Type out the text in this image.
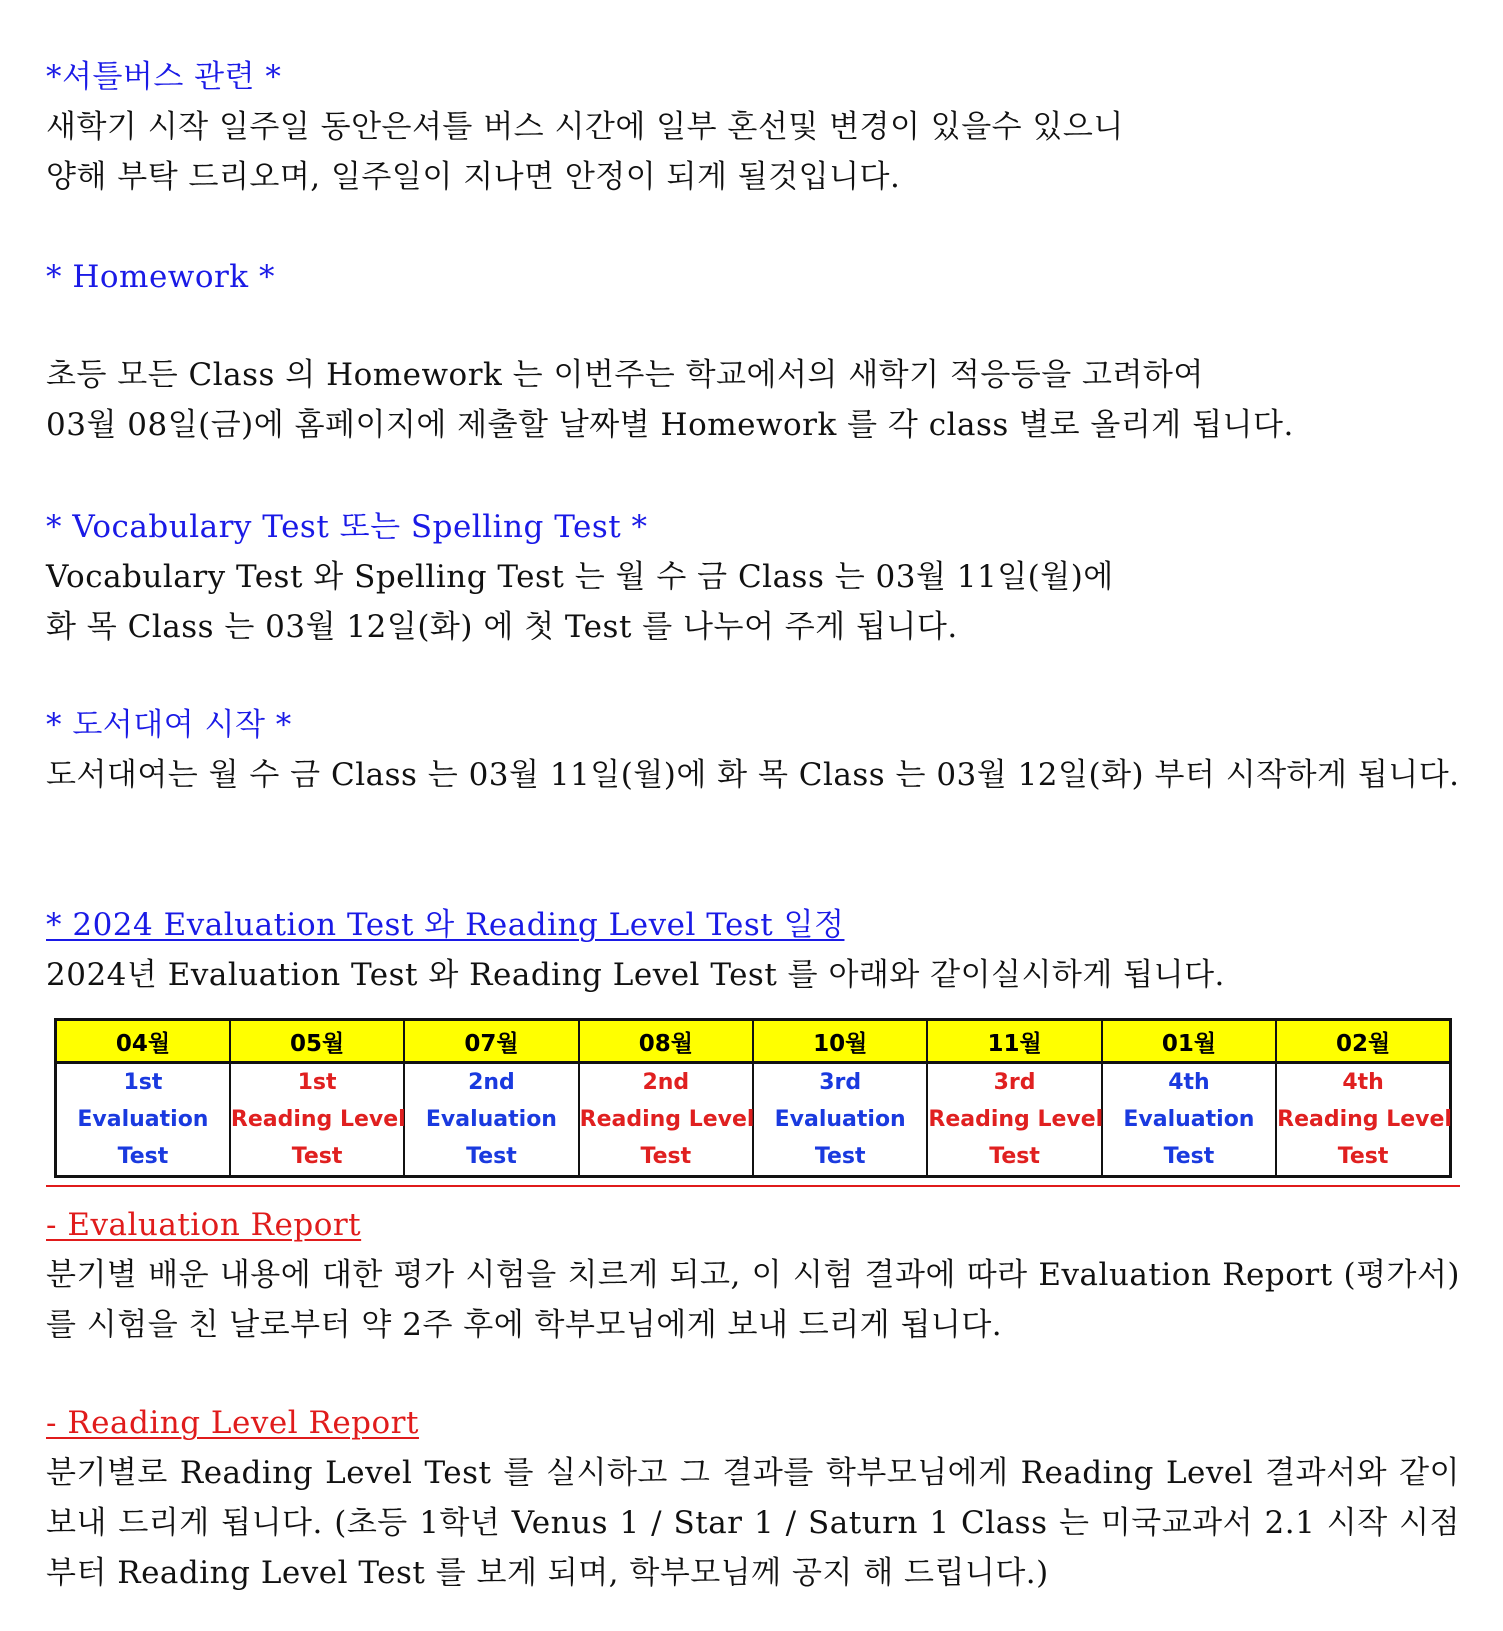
*셔틀버스 관련 *
새학기 시작 일주일 동안은셔틀 버스 시간에 일부 혼선및 변경이 있을수 있으니
양해 부탁 드리오며, 일주일이 지나면 안정이 되게 될것입니다.
* Homework *
초등 모든 Class 의 Homework 는 이번주는 학교에서의 새학기 적응등을 고려하여
03월 08일(금)에 홈페이지에 제출할 날짜별 Homework 를 각 class 별로 올리게 됩니다.
* Vocabulary Test 또는 Spelling Test *
Vocabulary Test 와 Spelling Test 는 월 수 금 Class 는 03월 11일(월)에
화 목 Class 는 03월 12일(화) 에 첫 Test 를 나누어 주게 됩니다.
* 도서대여 시작 *
도서대여는 월 수 금 Class 는 03월 11일(월)에 화 목 Class 는 03월 12일(화) 부터 시작하게 됩니다.
* 2024 Evaluation Test 와 Reading Level Test 일정
2024년 Evaluation Test 와 Reading Level Test 를 아래와 같이실시하게 됩니다.
04월	05월	07월	08월	10월	11월	01월	02월

1st
Evaluation
Test	1st
Reading Level
Test	2nd
Evaluation
Test	2nd
Reading Level
Test	3rd
Evaluation
Test	3rd
Reading Level
Test	4th
Evaluation
Test	4th
Reading Level
Test
- Evaluation Report
분기별 배운 내용에 대한 평가 시험을 치르게 되고, 이 시험 결과에 따라 Evaluation Report (평가서) 를 시험을 친 날로부터 약 2주 후에 학부모님에게 보내 드리게 됩니다.
- Reading Level Report
분기별로 Reading Level Test 를 실시하고 그 결과를 학부모님에게 Reading Level 결과서와 같이 보내 드리게 됩니다. (초등 1학년 Venus 1 / Star 1 / Saturn 1 Class 는 미국교과서 2.1 시작 시점 부터 Reading Level Test 를 보게 되며, 학부모님께 공지 해 드립니다.)
